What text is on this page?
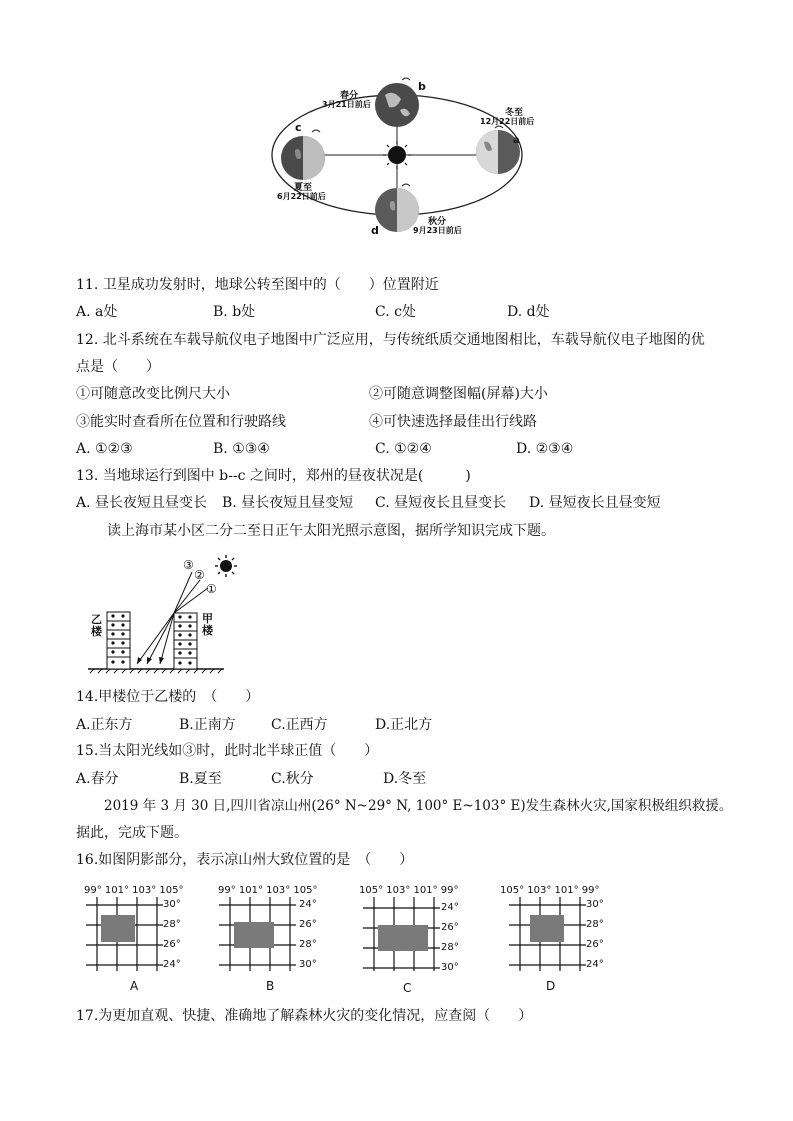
b
春分
3月21日前后
a
冬至
12月22日前后
c
夏至
6月22日前后
d
秋分
9月23日前后
11. 卫星成功发射时，地球公转至图中的（　　）位置附近
A. a处	B. b处	C. c处	D. d处
12. 北斗系统在车载导航仪电子地图中广泛应用，与传统纸质交通地图相比，车载导航仪电子地图的优
点是（　　）
①可随意改变比例尺大小	②可随意调整图幅(屏幕)大小
③能实时查看所在位置和行驶路线	④可快速选择最佳出行线路
A. ①②③	B. ①③④	C. ①②④	D. ②③④
13. 当地球运行到图中 b--c 之间时，郑州的昼夜状况是(　　　)
A. 昼长夜短且昼变长 B. 昼长夜短且昼变短 C. 昼短夜长且昼变长 D. 昼短夜长且昼变短
读上海市某小区二分二至日正午太阳光照示意图，据所学知识完成下题。
③
②
①
乙楼
甲楼
14.甲楼位于乙楼的　（　　）
A.正东方	B.正南方	C.正西方	D.正北方
15.当太阳光线如③时，此时北半球正值（　　）
A.春分	B.夏至	C.秋分	D.冬至
2019 年 3 月 30 日,四川省凉山州(26° N~29° N, 100° E~103° E)发生森林火灾,国家积极组织救援。
据此，完成下题。
16.如图阴影部分，表示凉山州大致位置的是　（　　）
99° 101° 103° 105°
30°
28°
26°
24°
A
99° 101° 103° 105°
24°
26°
28°
30°
B
105° 103° 101° 99°
24°
26°
28°
30°
C
105° 103° 101° 99°
30°
28°
26°
24°
D
17.为更加直观、快捷、准确地了解森林火灾的变化情况，应查阅（　　）
